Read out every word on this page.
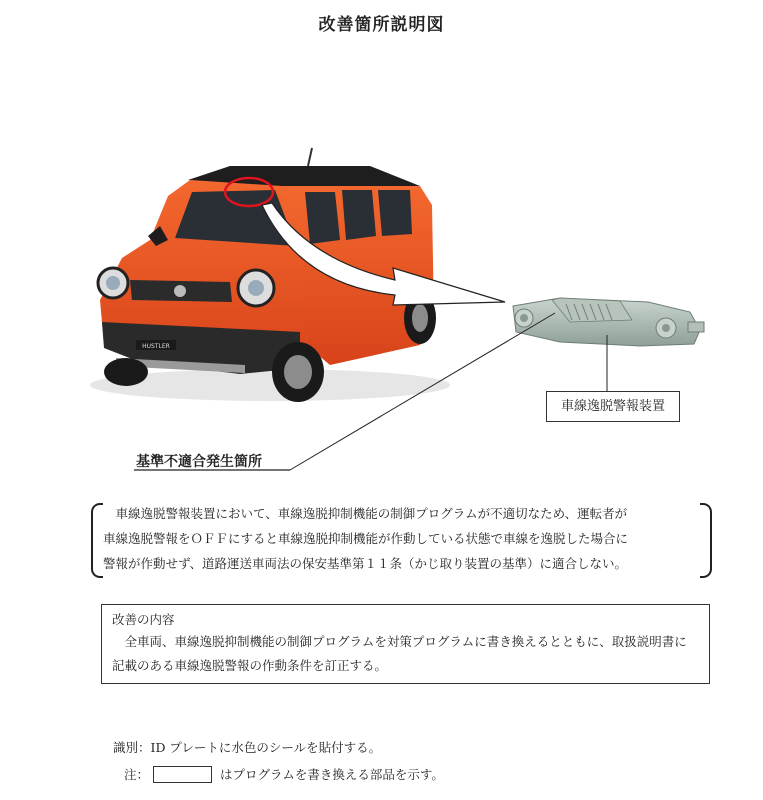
改善箇所説明図
HUSTLER
車線逸脱警報装置
基準不適合発生箇所
車線逸脱警報装置において、車線逸脱抑制機能の制御プログラムが不適切なため、運転者が
車線逸脱警報をＯＦＦにすると車線逸脱抑制機能が作動している状態で車線を逸脱した場合に
警報が作動せず、道路運送車両法の保安基準第１１条（かじ取り装置の基準）に適合しない。
改善の内容
全車両、車線逸脱抑制機能の制御プログラムを対策プログラムに書き換えるとともに、取扱説明書に記載のある車線逸脱警報の作動条件を訂正する。
識別：ID プレートに水色のシールを貼付する。
注：	はプログラムを書き換える部品を示す。
